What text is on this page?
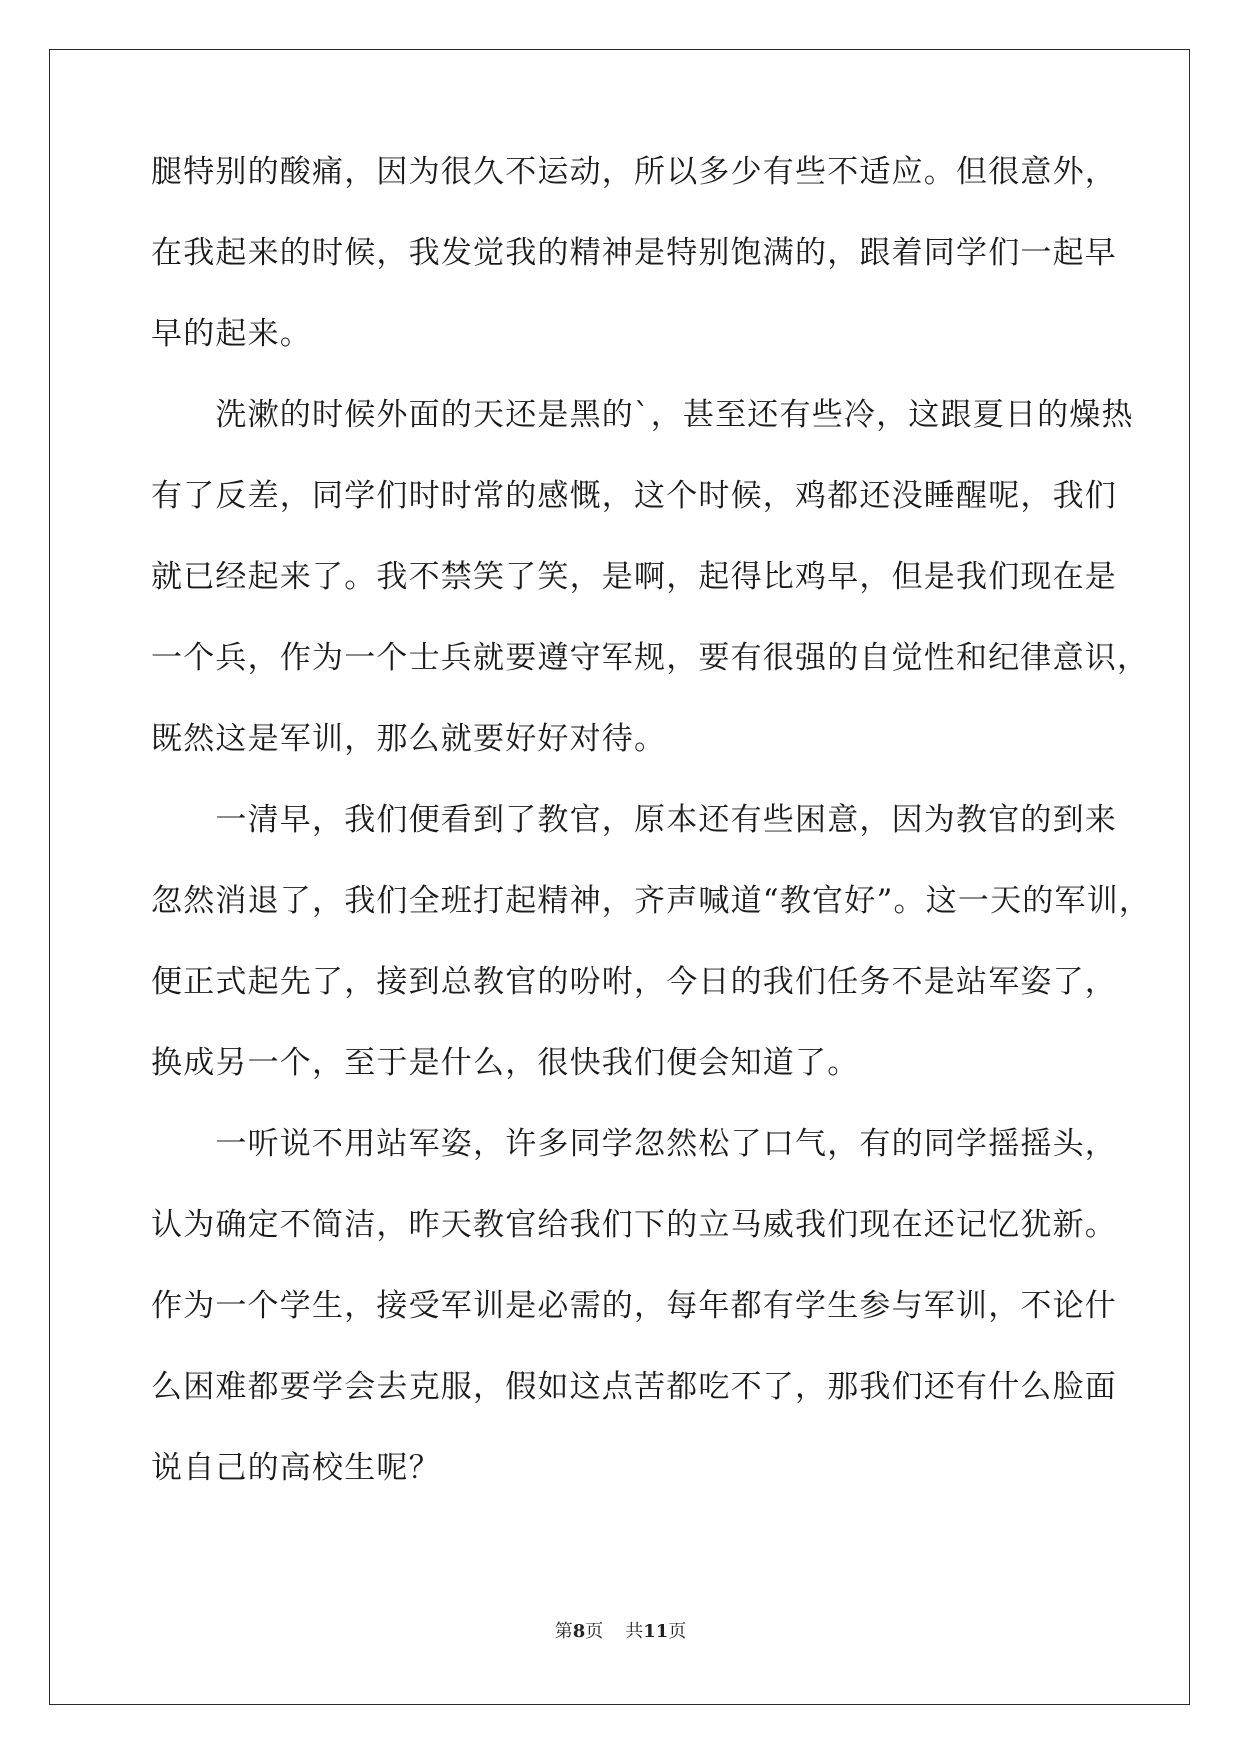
腿特别的酸痛，因为很久不运动，所以多少有些不适应。但很意外，
在我起来的时候，我发觉我的精神是特别饱满的，跟着同学们一起早
早的起来。
　　洗漱的时候外面的天还是黑的`，甚至还有些冷，这跟夏日的燥热
有了反差，同学们时时常的感慨，这个时候，鸡都还没睡醒呢，我们
就已经起来了。我不禁笑了笑，是啊，起得比鸡早，但是我们现在是
一个兵，作为一个士兵就要遵守军规，要有很强的自觉性和纪律意识，
既然这是军训，那么就要好好对待。
　　一清早，我们便看到了教官，原本还有些困意，因为教官的到来
忽然消退了，我们全班打起精神，齐声喊道“教官好”。这一天的军训，
便正式起先了，接到总教官的吩咐，今日的我们任务不是站军姿了，
换成另一个，至于是什么，很快我们便会知道了。
　　一听说不用站军姿，许多同学忽然松了口气，有的同学摇摇头，
认为确定不简洁，昨天教官给我们下的立马威我们现在还记忆犹新。
作为一个学生，接受军训是必需的，每年都有学生参与军训，不论什
么困难都要学会去克服，假如这点苦都吃不了，那我们还有什么脸面
说自己的高校生呢？
第8页 共11页
